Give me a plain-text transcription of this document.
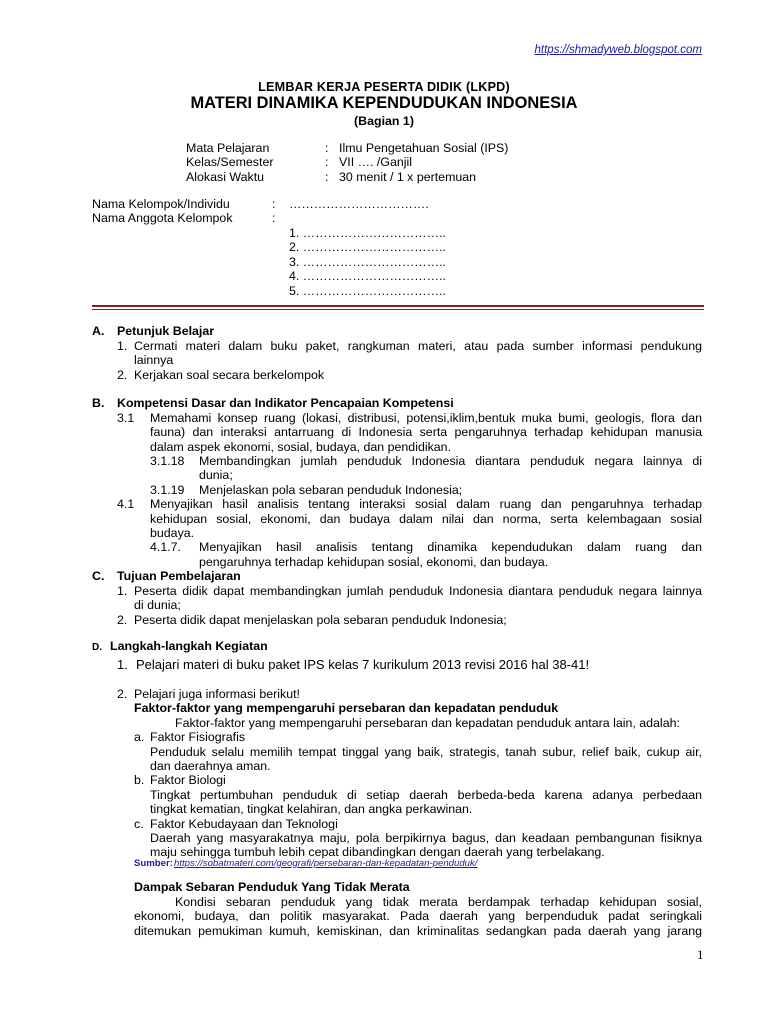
https://shmadyweb.blogspot.com
LEMBAR KERJA PESERTA DIDIK (LKPD)
MATERI DINAMIKA KEPENDUDUKAN INDONESIA
(Bagian 1)
Mata Pelajaran	: Ilmu Pengetahuan Sosial (IPS)
Kelas/Semester	: VII …. /Ganjil
Alokasi Waktu	: 30 menit / 1 x pertemuan
Nama Kelompok/Individu	: …………………………….
Nama Anggota Kelompok	:
1. ……………………………..
2. ……………………………..
3. ……………………………..
4. ……………………………..
5. ……………………………..
A. Petunjuk Belajar
1. Cermati materi dalam buku paket, rangkuman materi, atau pada sumber informasi pendukung
lainnya
2. Kerjakan soal secara berkelompok
B. Kompetensi Dasar dan Indikator Pencapaian Kompetensi
3.1 Memahami konsep ruang (lokasi, distribusi, potensi,iklim,bentuk muka bumi, geologis, flora dan
fauna) dan interaksi antarruang di Indonesia serta pengaruhnya terhadap kehidupan manusia
dalam aspek ekonomi, sosial, budaya, dan pendidikan.
3.1.18 Membandingkan jumlah penduduk Indonesia diantara penduduk negara lainnya di
dunia;
3.1.19 Menjelaskan pola sebaran penduduk Indonesia;
4.1 Menyajikan hasil analisis tentang interaksi sosial dalam ruang dan pengaruhnya terhadap
kehidupan sosial, ekonomi, dan budaya dalam nilai dan norma, serta kelembagaan sosial
budaya.
4.1.7. Menyajikan hasil analisis tentang dinamika kependudukan dalam ruang dan
pengaruhnya terhadap kehidupan sosial, ekonomi, dan budaya.
C. Tujuan Pembelajaran
1. Peserta didik dapat membandingkan jumlah penduduk Indonesia diantara penduduk negara lainnya
di dunia;
2. Peserta didik dapat menjelaskan pola sebaran penduduk Indonesia;
D. Langkah-langkah Kegiatan
1. Pelajari materi di buku paket IPS kelas 7 kurikulum 2013 revisi 2016 hal 38-41!
2. Pelajari juga informasi berikut!
Faktor-faktor yang mempengaruhi persebaran dan kepadatan penduduk
Faktor-faktor yang mempengaruhi persebaran dan kepadatan penduduk antara lain, adalah:
a. Faktor Fisiografis
Penduduk selalu memilih tempat tinggal yang baik, strategis, tanah subur, relief baik, cukup air,
dan daerahnya aman.
b. Faktor Biologi
Tingkat pertumbuhan penduduk di setiap daerah berbeda-beda karena adanya perbedaan
tingkat kematian, tingkat kelahiran, dan angka perkawinan.
c. Faktor Kebudayaan dan Teknologi
Daerah yang masyarakatnya maju, pola berpikirnya bagus, dan keadaan pembangunan fisiknya
maju sehingga tumbuh lebih cepat dibandingkan dengan daerah yang terbelakang.
Sumber: https://sobatmateri.com/geografi/persebaran-dan-kepadatan-penduduk/
Dampak Sebaran Penduduk Yang Tidak Merata
Kondisi sebaran penduduk yang tidak merata berdampak terhadap kehidupan sosial,
ekonomi, budaya, dan politik masyarakat. Pada daerah yang berpenduduk padat seringkali
ditemukan pemukiman kumuh, kemiskinan, dan kriminalitas sedangkan pada daerah yang jarang
1
